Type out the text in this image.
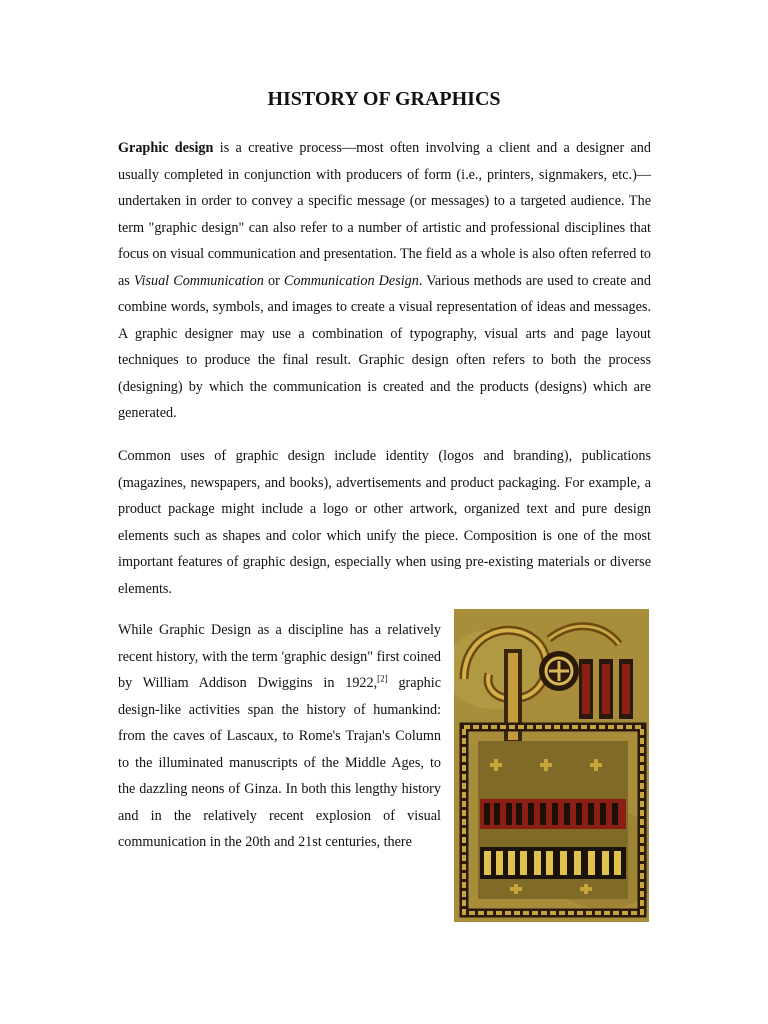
HISTORY OF GRAPHICS

Graphic design is a creative process—most often involving a client and a designer and usually completed in conjunction with producers of form (i.e., printers, signmakers, etc.)—undertaken in order to convey a specific message (or messages) to a targeted audience. The term "graphic design" can also refer to a number of artistic and professional disciplines that focus on visual communication and presentation. The field as a whole is also often referred to as Visual Communication or Communication Design. Various methods are used to create and combine words, symbols, and images to create a visual representation of ideas and messages. A graphic designer may use a combination of typography, visual arts and page layout techniques to produce the final result. Graphic design often refers to both the process (designing) by which the communication is created and the products (designs) which are generated.

Common uses of graphic design include identity (logos and branding), publications (magazines, newspapers, and books), advertisements and product packaging. For example, a product package might include a logo or other artwork, organized text and pure design elements such as shapes and color which unify the piece. Composition is one of the most important features of graphic design, especially when using pre-existing materials or diverse elements.

While Graphic Design as a discipline has a relatively recent history, with the term 'graphic design" first coined by William Addison Dwiggins in 1922,[2] graphic design-like activities span the history of humankind: from the caves of Lascaux, to Rome's Trajan's Column to the illuminated manuscripts of the Middle Ages, to the dazzling neons of Ginza. In both this lengthy history and in the relatively recent explosion of visual communication in the 20th and 21st centuries, there
